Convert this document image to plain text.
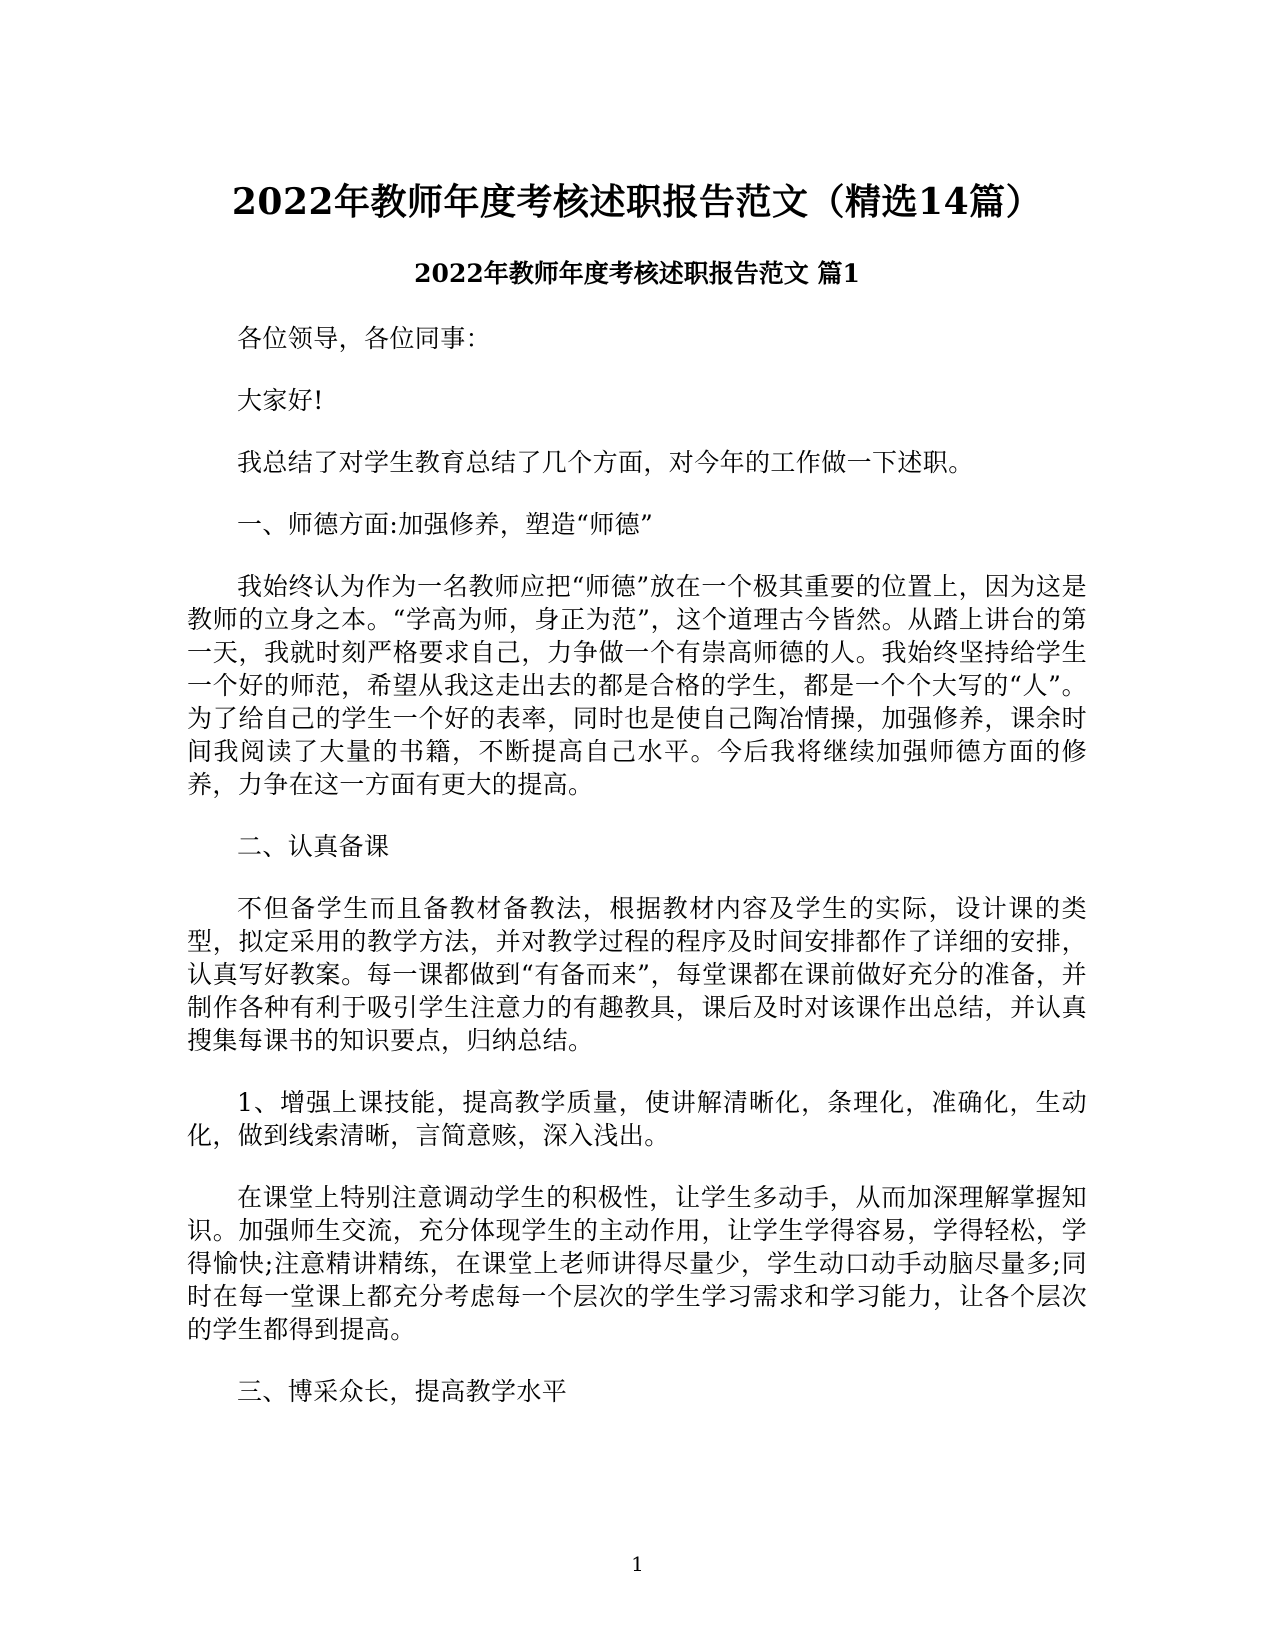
2022年教师年度考核述职报告范文（精选14篇）
2022年教师年度考核述职报告范文 篇1

各位领导，各位同事：

大家好!

我总结了对学生教育总结了几个方面，对今年的工作做一下述职。

一、师德方面:加强修养，塑造“师德”

我始终认为作为一名教师应把“师德”放在一个极其重要的位置上，因为这是教师的立身之本。“学高为师，身正为范”，这个道理古今皆然。从踏上讲台的第一天，我就时刻严格要求自己，力争做一个有崇高师德的人。我始终坚持给学生一个好的师范，希望从我这走出去的都是合格的学生，都是一个个大写的“人”。为了给自己的学生一个好的表率，同时也是使自己陶冶情操，加强修养，课余时间我阅读了大量的书籍，不断提高自己水平。今后我将继续加强师德方面的修养，力争在这一方面有更大的提高。

二、认真备课

不但备学生而且备教材备教法，根据教材内容及学生的实际，设计课的类型，拟定采用的教学方法，并对教学过程的程序及时间安排都作了详细的安排，认真写好教案。每一课都做到“有备而来”，每堂课都在课前做好充分的准备，并制作各种有利于吸引学生注意力的有趣教具，课后及时对该课作出总结，并认真搜集每课书的知识要点，归纳总结。

1、增强上课技能，提高教学质量，使讲解清晰化，条理化，准确化，生动化，做到线索清晰，言简意赅，深入浅出。

在课堂上特别注意调动学生的积极性，让学生多动手，从而加深理解掌握知识。加强师生交流，充分体现学生的主动作用，让学生学得容易，学得轻松，学得愉快;注意精讲精练，在课堂上老师讲得尽量少，学生动口动手动脑尽量多;同时在每一堂课上都充分考虑每一个层次的学生学习需求和学习能力，让各个层次的学生都得到提高。

三、博采众长，提高教学水平

1
